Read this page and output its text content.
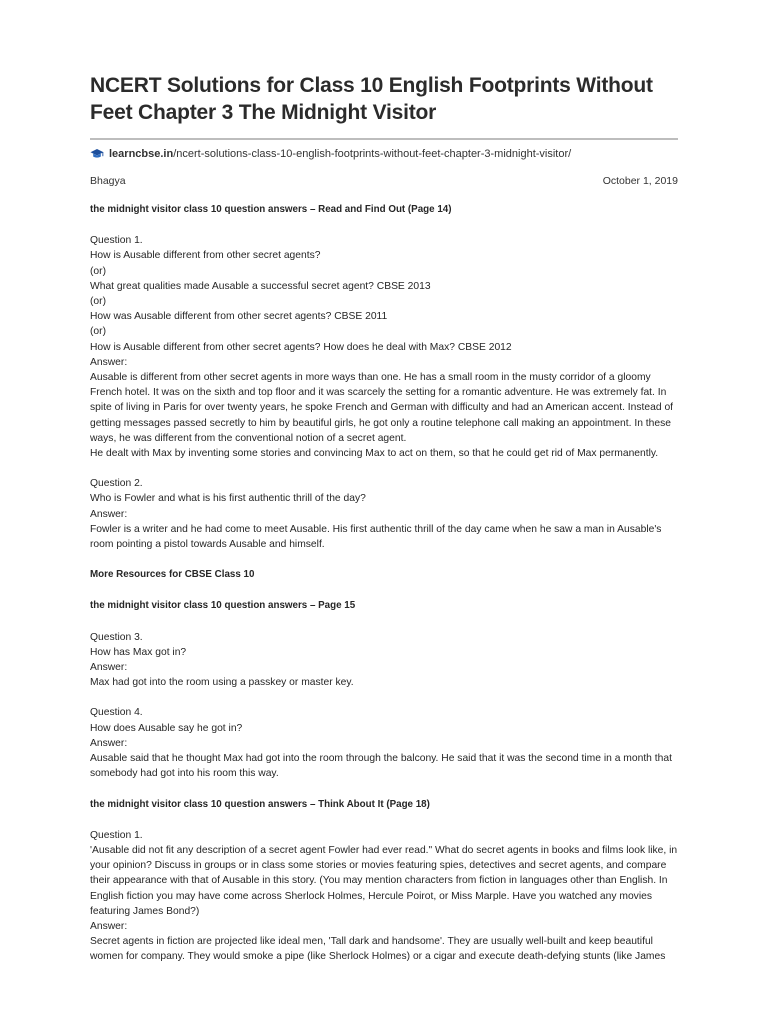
NCERT Solutions for Class 10 English Footprints Without Feet Chapter 3 The Midnight Visitor
learncbse.in /ncert-solutions-class-10-english-footprints-without-feet-chapter-3-midnight-visitor/
Bhagya	October 1, 2019

the midnight visitor class 10 question answers – Read and Find Out (Page 14)

Question 1.
How is Ausable different from other secret agents?
(or)
What great qualities made Ausable a successful secret agent? CBSE 2013
(or)
How was Ausable different from other secret agents? CBSE 2011
(or)
How is Ausable different from other secret agents? How does he deal with Max? CBSE 2012
Answer:
Ausable is different from other secret agents in more ways than one. He has a small room in the musty corridor of a gloomy French hotel. It was on the sixth and top floor and it was scarcely the setting for a romantic adventure. He was extremely fat. In spite of living in Paris for over twenty years, he spoke French and German with difficulty and had an American accent. Instead of getting messages passed secretly to him by beautiful girls, he got only a routine telephone call making an appointment. In these ways, he was different from the conventional notion of a secret agent.
He dealt with Max by inventing some stories and convincing Max to act on them, so that he could get rid of Max permanently.
Question 2.
Who is Fowler and what is his first authentic thrill of the day?
Answer:
Fowler is a writer and he had come to meet Ausable. His first authentic thrill of the day came when he saw a man in Ausable's room pointing a pistol towards Ausable and himself.

More Resources for CBSE Class 10

the midnight visitor class 10 question answers – Page 15

Question 3.
How has Max got in?
Answer:
Max had got into the room using a passkey or master key.
Question 4.
How does Ausable say he got in?
Answer:
Ausable said that he thought Max had got into the room through the balcony. He said that it was the second time in a month that somebody had got into his room this way.

the midnight visitor class 10 question answers – Think About It (Page 18)

Question 1.
'Ausable did not fit any description of a secret agent Fowler had ever read." What do secret agents in books and films look like, in your opinion? Discuss in groups or in class some stories or movies featuring spies, detectives and secret agents, and compare their appearance with that of Ausable in this story. (You may mention characters from fiction in languages other than English. In English fiction you may have come across Sherlock Holmes, Hercule Poirot, or Miss Marple. Have you watched any movies featuring James Bond?)
Answer:
Secret agents in fiction are projected like ideal men, 'Tall dark and handsome'. They are usually well-built and keep beautiful women for company. They would smoke a pipe (like Sherlock Holmes) or a cigar and execute death-defying stunts (like James
